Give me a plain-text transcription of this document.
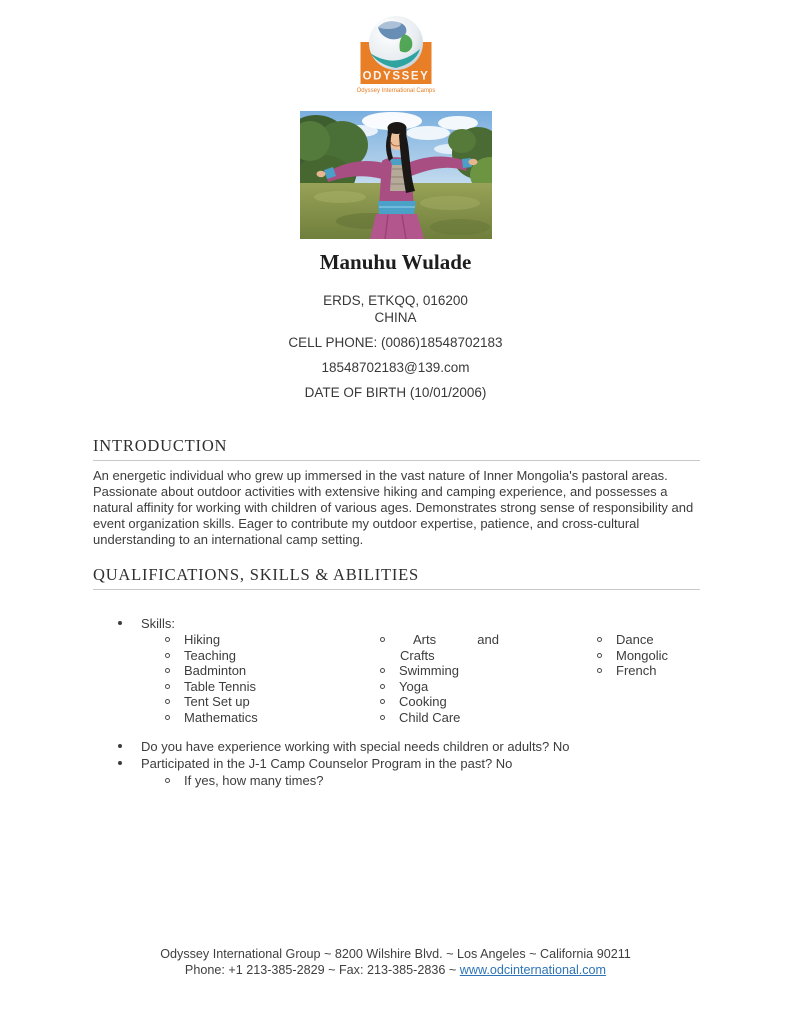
ODYSSEY
Odyssey International Camps
Manuhu Wulade

ERDS, ETKQQ, 016200

CHINA

CELL PHONE: (0086)18548702183

18548702183@139.com

DATE OF BIRTH (10/01/2006)

INTRODUCTION

An energetic individual who grew up immersed in the vast nature of Inner Mongolia's pastoral areas. Passionate about outdoor activities with extensive hiking and camping experience, and possesses a natural affinity for working with children of various ages. Demonstrates strong sense of responsibility and event organization skills. Eager to contribute my outdoor expertise, patience, and cross-cultural understanding to an international camp setting.

QUALIFICATIONS, SKILLS & ABILITIES
Skills:
Hiking
Teaching
Badminton
Table Tennis
Tent Set up
Mathematics
Arts	and
Crafts
Swimming
Yoga
Cooking
Child Care
Dance
Mongolic
French
Do you have experience working with special needs children or adults? No
Participated in the J-1 Camp Counselor Program in the past? No
If yes, how many times?

Odyssey International Group ~ 8200 Wilshire Blvd. ~ Los Angeles ~ California 90211

Phone: +1 213-385-2829 ~ Fax: 213-385-2836 ~ www.odcinternational.com
